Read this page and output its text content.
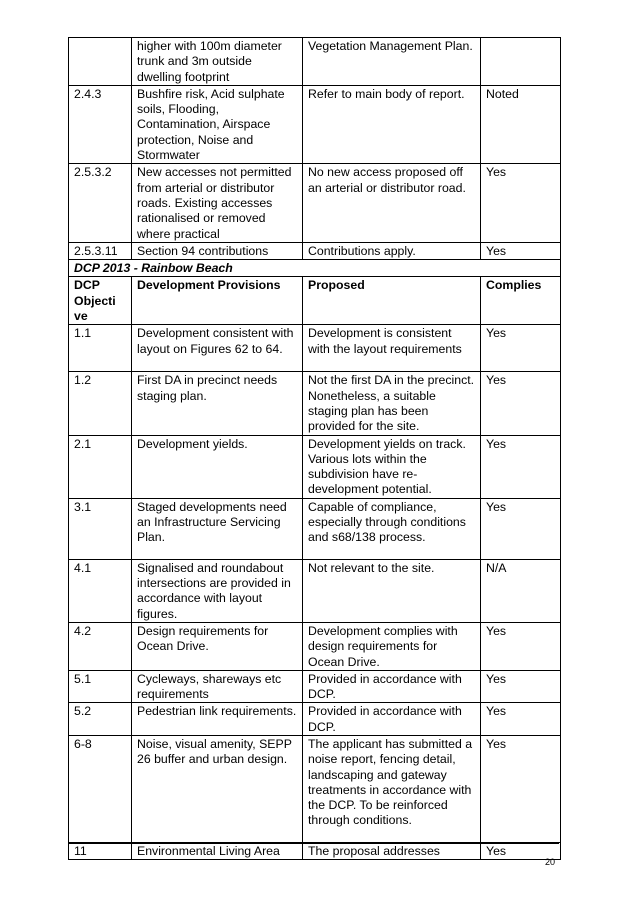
	higher with 100m diameter trunk and 3m outside dwelling footprint	Vegetation Management Plan.	
2.4.3	Bushfire risk, Acid sulphate soils, Flooding, Contamination, Airspace protection, Noise and Stormwater	Refer to main body of report.	Noted
2.5.3.2	New accesses not permitted from arterial or distributor roads. Existing accesses rationalised or removed where practical	No new access proposed off an arterial or distributor road.	Yes
2.5.3.11	Section 94 contributions	Contributions apply.	Yes
DCP 2013 - Rainbow Beach			
DCP Objecti ve	Development Provisions	Proposed	Complies
1.1	Development consistent with layout on Figures 62 to 64.	Development is consistent with the layout requirements	Yes
1.2	First DA in precinct needs staging plan.	Not the first DA in the precinct. Nonetheless, a suitable staging plan has been provided for the site.	Yes
2.1	Development yields.	Development yields on track. Various lots within the subdivision have re-development potential.	Yes
3.1	Staged developments need an Infrastructure Servicing Plan.	Capable of compliance, especially through conditions and s68/138 process.	Yes
4.1	Signalised and roundabout intersections are provided in accordance with layout figures.	Not relevant to the site.	N/A
4.2	Design requirements for Ocean Drive.	Development complies with design requirements for Ocean Drive.	Yes
5.1	Cycleways, shareways etc requirements	Provided in accordance with DCP.	Yes
5.2	Pedestrian link requirements.	Provided in accordance with DCP.	Yes
6-8	Noise, visual amenity, SEPP 26 buffer and urban design.	The applicant has submitted a noise report, fencing detail, landscaping and gateway treatments in accordance with the DCP. To be reinforced through conditions.	Yes
11	Environmental Living Area	The proposal addresses	Yes
20
